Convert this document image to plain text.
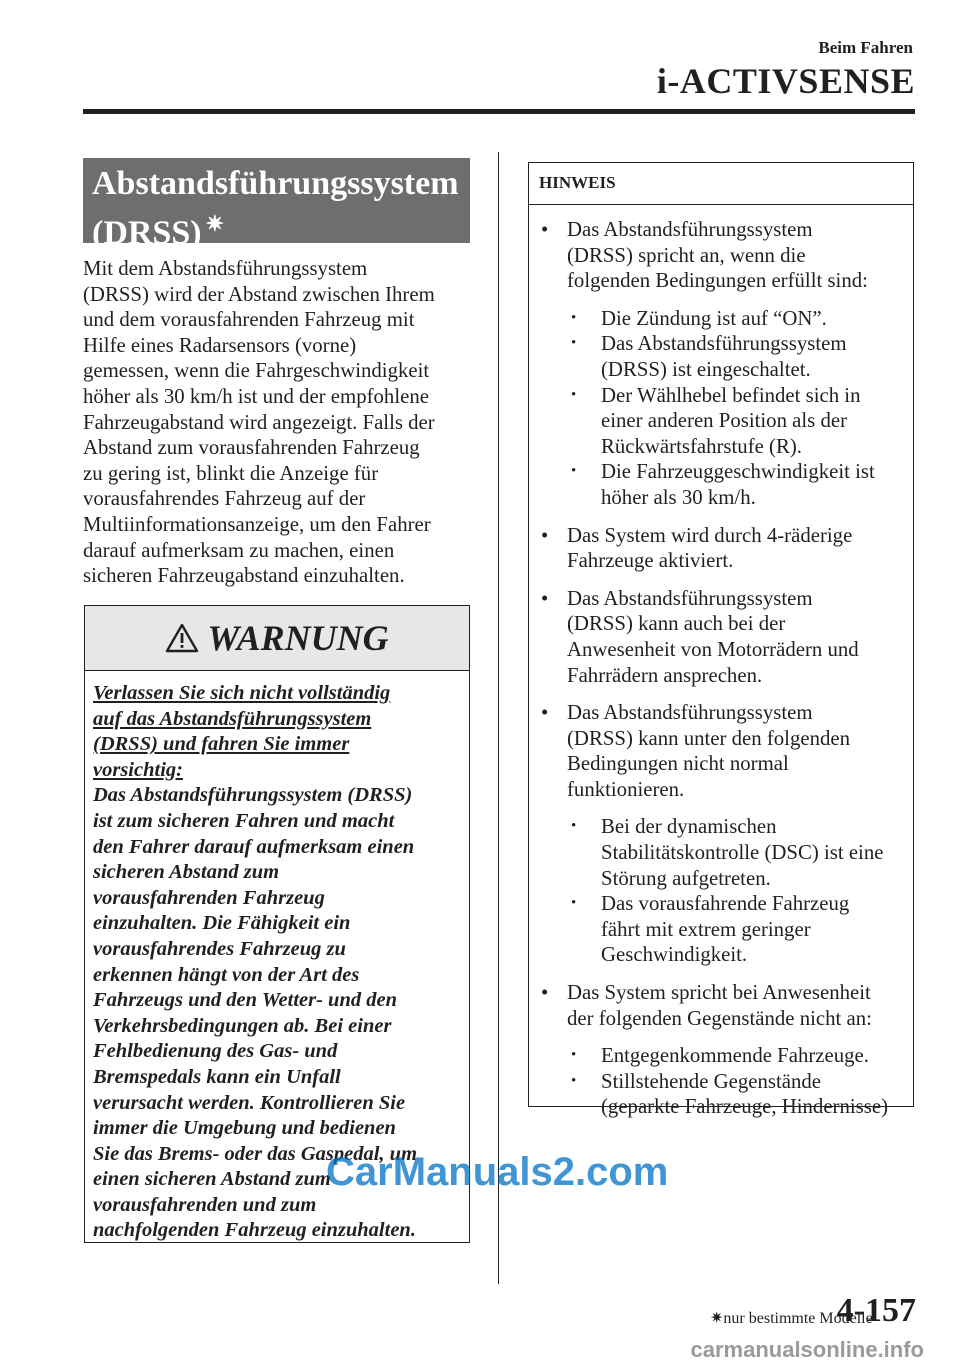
Beim Fahren
i-ACTIVSENSE
Abstandsführungssystem
(DRSS) ✷

Mit dem Abstandsführungssystem

(DRSS) wird der Abstand zwischen Ihrem

und dem vorausfahrenden Fahrzeug mit

Hilfe eines Radarsensors (vorne)

gemessen, wenn die Fahrgeschwindigkeit

höher als 30 km/h ist und der empfohlene

Fahrzeugabstand wird angezeigt. Falls der

Abstand zum vorausfahrenden Fahrzeug

zu gering ist, blinkt die Anzeige für

vorausfahrendes Fahrzeug auf der

Multiinformationsanzeige, um den Fahrer

darauf aufmerksam zu machen, einen

sicheren Fahrzeugabstand einzuhalten.

WARNUNG
Verlassen Sie sich nicht vollständig
auf das Abstandsführungssystem
(DRSS) und fahren Sie immer
vorsichtig:
Das Abstandsführungssystem (DRSS)
ist zum sicheren Fahren und macht
den Fahrer darauf aufmerksam einen
sicheren Abstand zum
vorausfahrenden Fahrzeug
einzuhalten. Die Fähigkeit ein
vorausfahrendes Fahrzeug zu
erkennen hängt von der Art des
Fahrzeugs und den Wetter- und den
Verkehrsbedingungen ab. Bei einer
Fehlbedienung des Gas- und
Bremspedals kann ein Unfall
verursacht werden. Kontrollieren Sie
immer die Umgebung und bedienen
Sie das Brems- oder das Gaspedal, um
einen sicheren Abstand zum
vorausfahrenden und zum
nachfolgenden Fahrzeug einzuhalten.
HINWEIS
• Das Abstandsführungssystem
(DRSS) spricht an, wenn die
folgenden Bedingungen erfüllt sind:
•	Die Zündung ist auf “ON”.
•	Das Abstandsführungssystem
(DRSS) ist eingeschaltet.
•	Der Wählhebel befindet sich in
einer anderen Position als der
Rückwärtsfahrstufe (R).
•	Die Fahrzeuggeschwindigkeit ist
höher als 30 km/h.
• Das System wird durch 4-räderige
Fahrzeuge aktiviert.
• Das Abstandsführungssystem
(DRSS) kann auch bei der
Anwesenheit von Motorrädern und
Fahrrädern ansprechen.
• Das Abstandsführungssystem
(DRSS) kann unter den folgenden
Bedingungen nicht normal
funktionieren.
•	Bei der dynamischen
Stabilitätskontrolle (DSC) ist eine
Störung aufgetreten.
•	Das vorausfahrende Fahrzeug
fährt mit extrem geringer
Geschwindigkeit.
• Das System spricht bei Anwesenheit
der folgenden Gegenstände nicht an:
•	Entgegenkommende Fahrzeuge.
•	Stillstehende Gegenstände
(geparkte Fahrzeuge, Hindernisse)
CarManuals2.com
✷nur bestimmte Modelle
4-157
carmanualsonline.info
